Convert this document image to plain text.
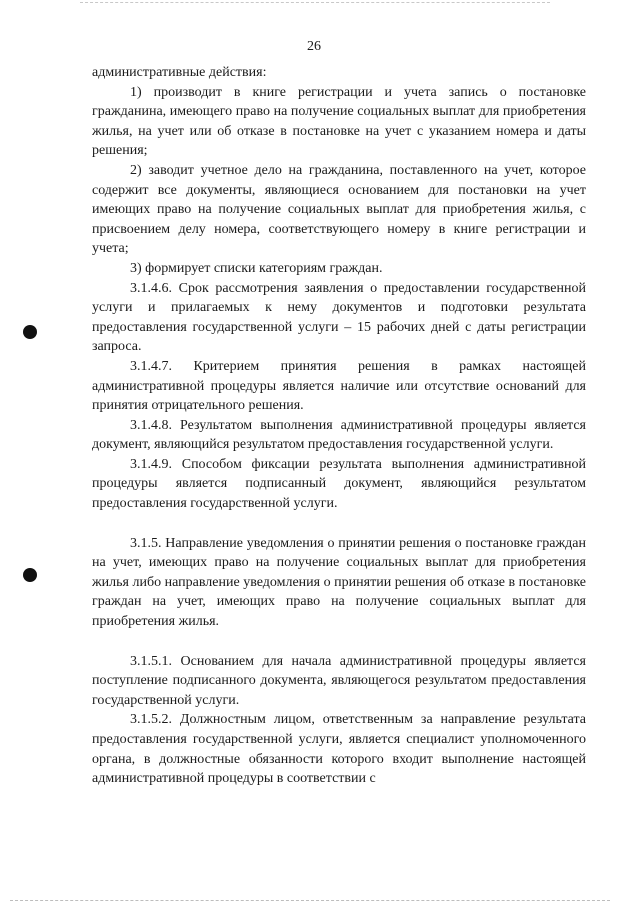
26

административные действия:

1) производит в книге регистрации и учета запись о постановке гражданина, имеющего право на получение социальных выплат для приобретения жилья, на учет или об отказе в постановке на учет с указанием номера и даты решения;

2) заводит учетное дело на гражданина, поставленного на учет, которое содержит все документы, являющиеся основанием для постановки на учет имеющих право на получение социальных выплат для приобретения жилья, с присвоением делу номера, соответствующего номеру в книге регистрации и учета;

3) формирует списки категориям граждан.

3.1.4.6. Срок рассмотрения заявления о предоставлении государственной услуги и прилагаемых к нему документов и подготовки результата предоставления государственной услуги – 15 рабочих дней с даты регистрации запроса.

3.1.4.7. Критерием принятия решения в рамках настоящей административной процедуры является наличие или отсутствие оснований для принятия отрицательного решения.

3.1.4.8. Результатом выполнения административной процедуры является документ, являющийся результатом предоставления государственной услуги.

3.1.4.9. Способом фиксации результата выполнения административной процедуры является подписанный документ, являющийся результатом предоставления государственной услуги.

3.1.5. Направление уведомления о принятии решения о постановке граждан на учет, имеющих право на получение социальных выплат для приобретения жилья либо направление уведомления о принятии решения об отказе в постановке граждан на учет, имеющих право на получение социальных выплат для приобретения жилья.

3.1.5.1. Основанием для начала административной процедуры является поступление подписанного документа, являющегося результатом предоставления государственной услуги.

3.1.5.2. Должностным лицом, ответственным за направление результата предоставления государственной услуги, является специалист уполномоченного органа, в должностные обязанности которого входит выполнение настоящей административной процедуры в соответствии с
